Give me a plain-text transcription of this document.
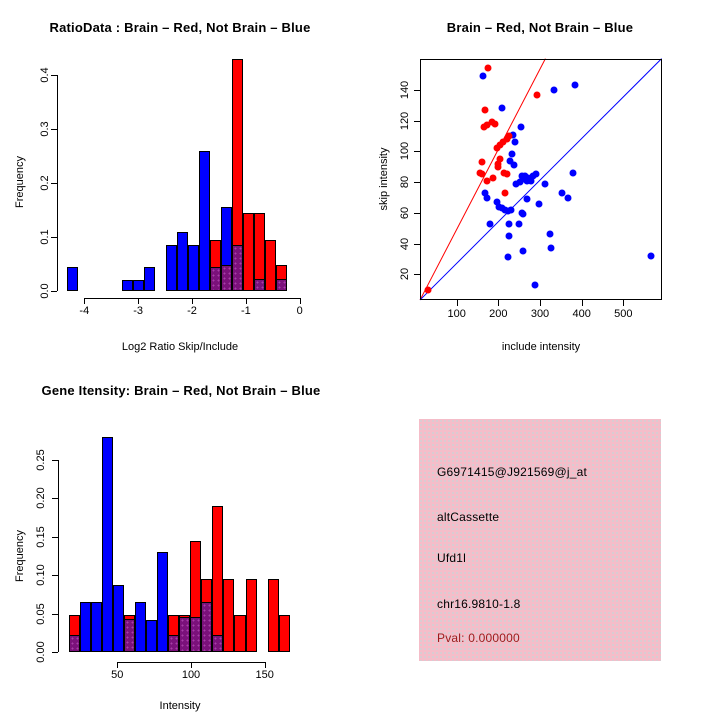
RatioData : Brain – Red, Not Brain – Blue	Brain – Red, Not Brain – Blue
Gene Itensity: Brain – Red, Not Brain – Blue
Log2 Ratio Skip/Include
Frequency
include intensity
skip intensity
Intensity
Frequency
G6971415@J921569@j_at
altCassette
Ufd1l
chr16.9810-1.8
Pval: 0.000000
0.0
0.1
0.2
0.3
0.4
-4	-3	-2	-1	0
0.00
0.05
0.10
0.15
0.20
0.25
50	100	150
100 200 300 400 500
20
40
60
80
100
120
140
